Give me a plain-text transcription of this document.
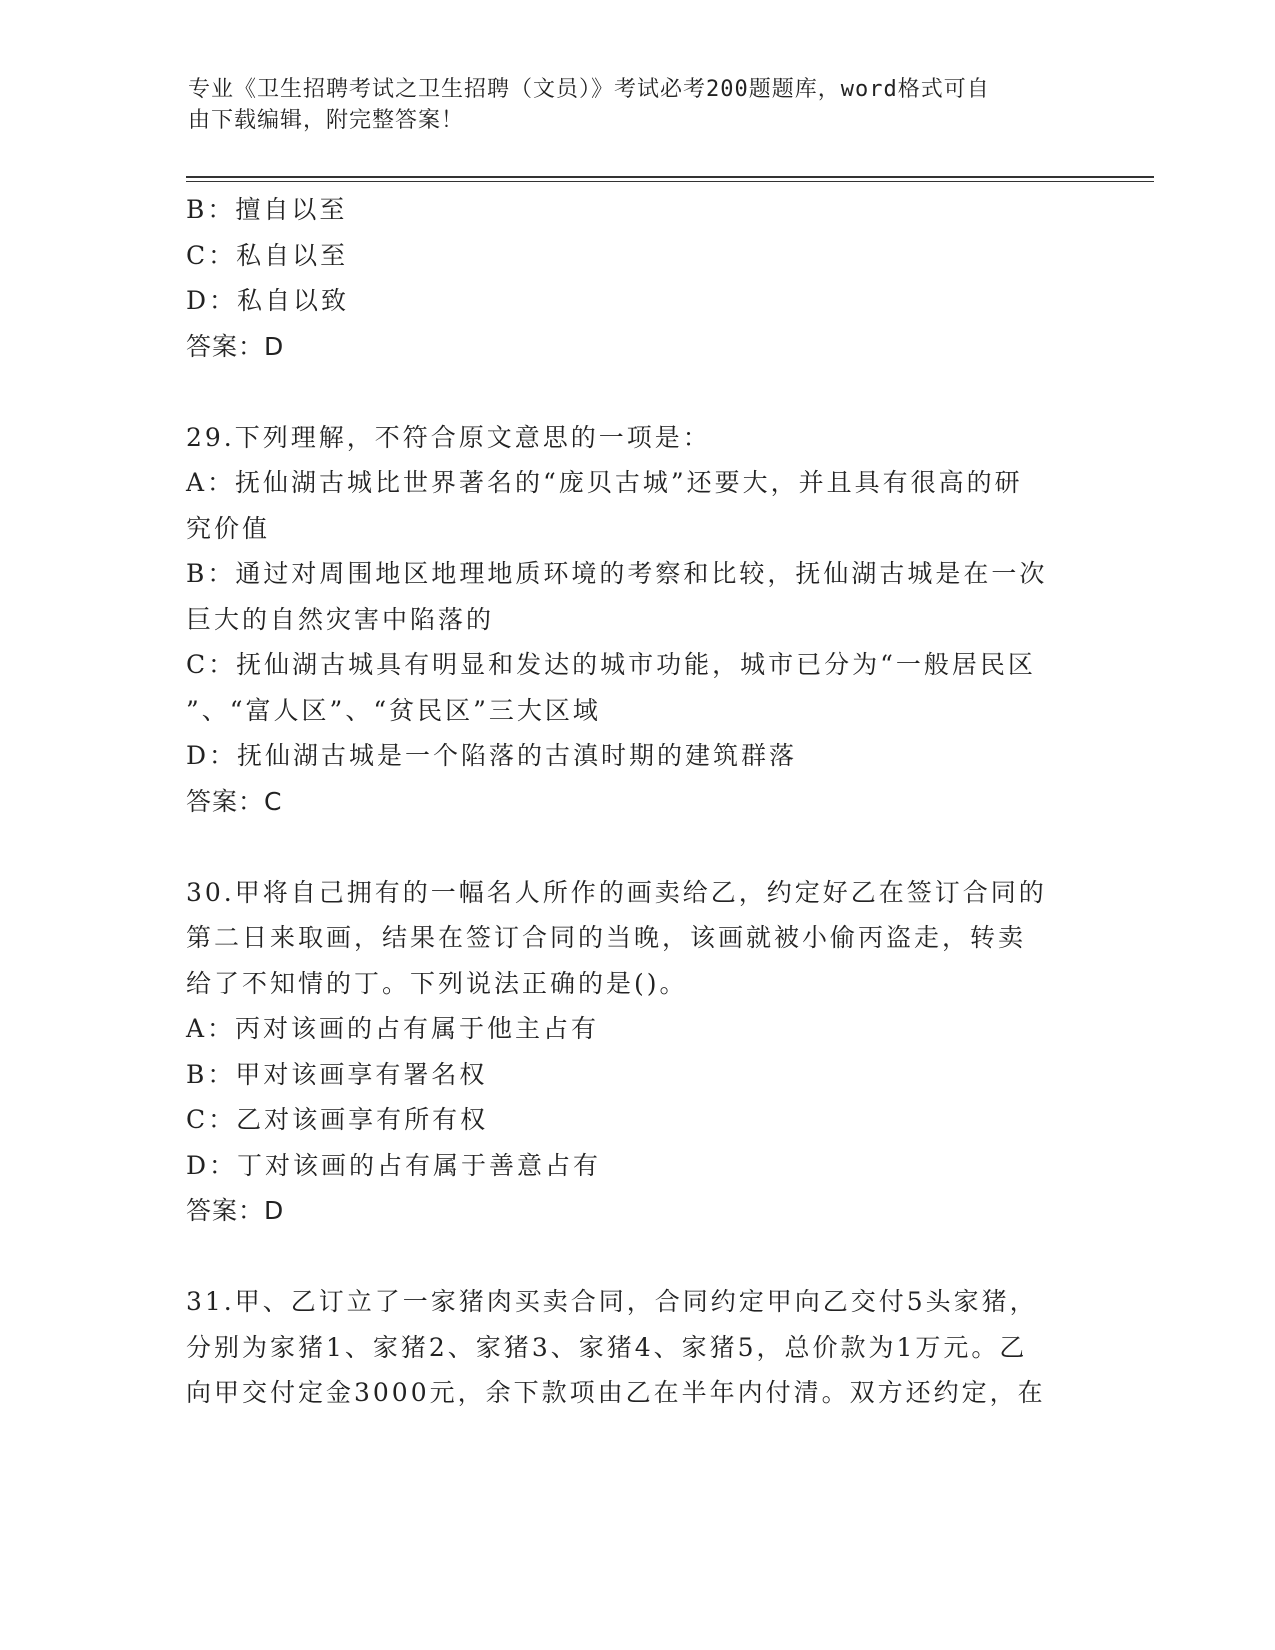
专业《卫生招聘考试之卫生招聘（文员）》考试必考200题题库，word格式可自
由下载编辑，附完整答案！
B：擅自以至
C：私自以至
D：私自以致
答案：D
29.下列理解，不符合原文意思的一项是：
A：抚仙湖古城比世界著名的“庞贝古城”还要大，并且具有很高的研
究价值
B：通过对周围地区地理地质环境的考察和比较，抚仙湖古城是在一次
巨大的自然灾害中陷落的
C：抚仙湖古城具有明显和发达的城市功能，城市已分为“一般居民区
”、“富人区”、“贫民区”三大区域
D：抚仙湖古城是一个陷落的古滇时期的建筑群落
答案：C
30.甲将自己拥有的一幅名人所作的画卖给乙，约定好乙在签订合同的
第二日来取画，结果在签订合同的当晚，该画就被小偷丙盗走，转卖
给了不知情的丁。下列说法正确的是()。
A：丙对该画的占有属于他主占有
B：甲对该画享有署名权
C：乙对该画享有所有权
D：丁对该画的占有属于善意占有
答案：D
31.甲、乙订立了一家猪肉买卖合同，合同约定甲向乙交付5头家猪，
分别为家猪1、家猪2、家猪3、家猪4、家猪5，总价款为1万元。乙
向甲交付定金3000元，余下款项由乙在半年内付清。双方还约定，在
